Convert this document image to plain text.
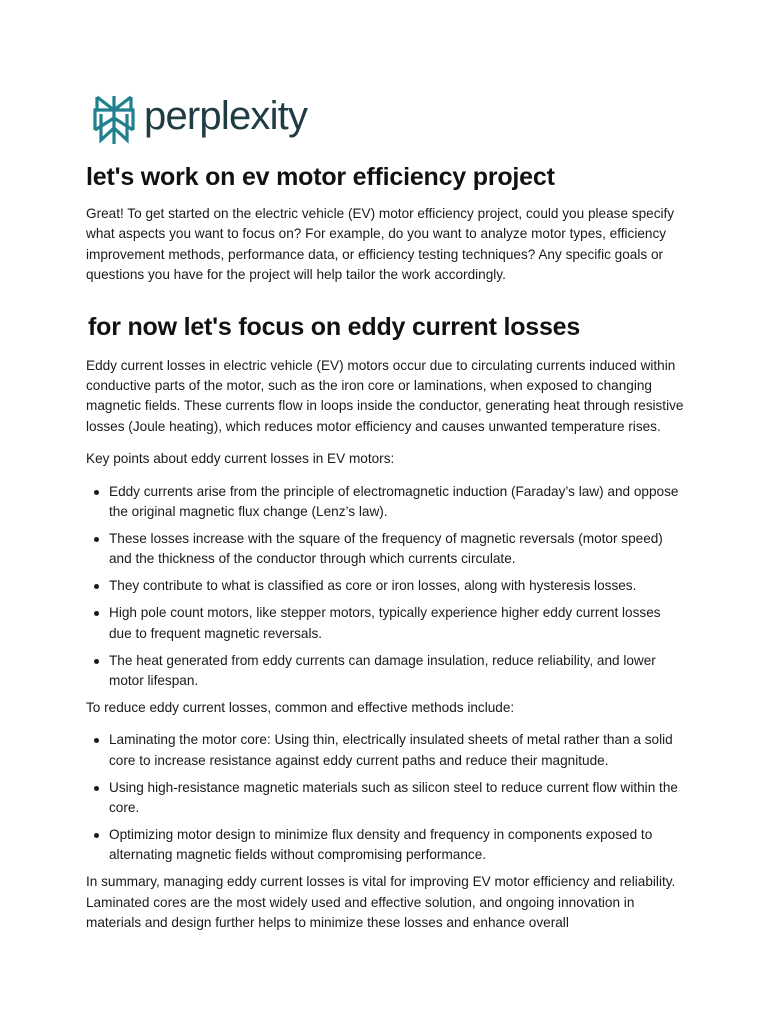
perplexity
let's work on ev motor efficiency project

Great! To get started on the electric vehicle (EV) motor efficiency project, could you please specify what aspects you want to focus on? For example, do you want to analyze motor types, efficiency improvement methods, performance data, or efficiency testing techniques? Any specific goals or questions you have for the project will help tailor the work accordingly.

for now let's focus on eddy current losses

Eddy current losses in electric vehicle (EV) motors occur due to circulating currents induced within conductive parts of the motor, such as the iron core or laminations, when exposed to changing magnetic fields. These currents flow in loops inside the conductor, generating heat through resistive losses (Joule heating), which reduces motor efficiency and causes unwanted temperature rises.

Key points about eddy current losses in EV motors:

Eddy currents arise from the principle of electromagnetic induction (Faraday’s law) and oppose the original magnetic flux change (Lenz’s law).
These losses increase with the square of the frequency of magnetic reversals (motor speed) and the thickness of the conductor through which currents circulate.
They contribute to what is classified as core or iron losses, along with hysteresis losses.
High pole count motors, like stepper motors, typically experience higher eddy current losses due to frequent magnetic reversals.
The heat generated from eddy currents can damage insulation, reduce reliability, and lower motor lifespan.

To reduce eddy current losses, common and effective methods include:

Laminating the motor core: Using thin, electrically insulated sheets of metal rather than a solid core to increase resistance against eddy current paths and reduce their magnitude.
Using high-resistance magnetic materials such as silicon steel to reduce current flow within the core.
Optimizing motor design to minimize flux density and frequency in components exposed to alternating magnetic fields without compromising performance.

In summary, managing eddy current losses is vital for improving EV motor efficiency and reliability. Laminated cores are the most widely used and effective solution, and ongoing innovation in materials and design further helps to minimize these losses and enhance overall
